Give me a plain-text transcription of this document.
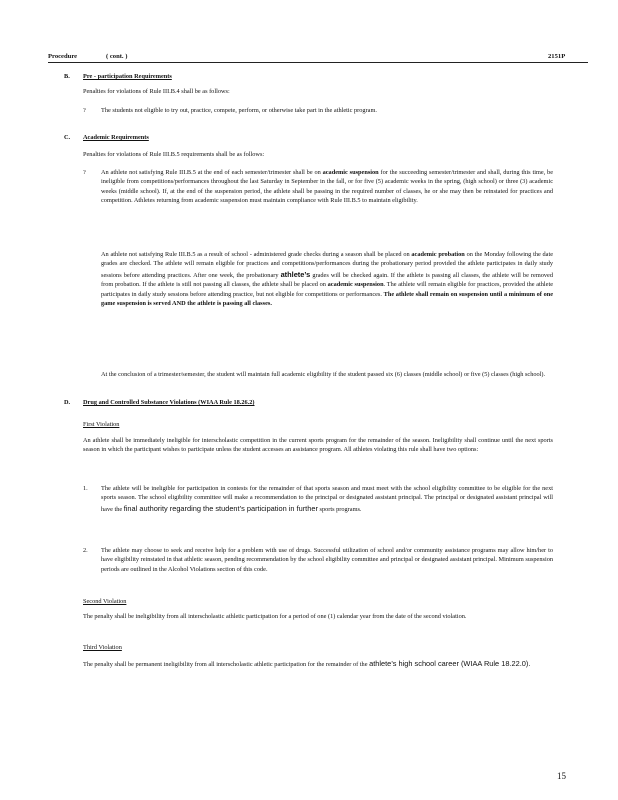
Procedure	( cont. )	2151P
B. Pre - participation Requirements
Penalties for violations of Rule III.B.4 shall be as follows:
? The students not eligible to try out, practice, compete, perform, or otherwise take part in the athletic program.
C. Academic Requirements
Penalties for violations of Rule III.B.5 requirements shall be as follows:
? An athlete not satisfying Rule III.B.5 at the end of each semester/trimester shall be on academic suspension for the succeeding semester/trimester and shall, during this time, be ineligible from competitions/performances throughout the last Saturday in September in the fall, or for five (5) academic weeks in the spring, (high school) or three (3) academic weeks (middle school). If, at the end of the suspension period, the athlete shall be passing in the required number of classes, he or she may then be reinstated for practices and competition. Athletes returning from academic suspension must maintain compliance with Rule III.B.5 to maintain eligibility.
An athlete not satisfying Rule III.B.5 as a result of school - administered grade checks during a season shall be placed on academic probation on the Monday following the date grades are checked. The athlete will remain eligible for practices and competitions/performances during the probationary period provided the athlete participates in daily study sessions before attending practices. After one week, the probationary athlete’s grades will be checked again. If the athlete is passing all classes, the athlete will be removed from probation. If the athlete is still not passing all classes, the athlete shall be placed on academic suspension. The athlete will remain eligible for practices, provided the athlete participates in daily study sessions before attending practice, but not eligible for competitions or performances. The athlete shall remain on suspension until a minimum of one game suspension is served AND the athlete is passing all classes.
At the conclusion of a trimester/semester, the student will maintain full academic eligibility if the student passed six (6) classes (middle school) or five (5) classes (high school).
D. Drug and Controlled Substance Violations (WIAA Rule 18.26.2)
First Violation
An athlete shall be immediately ineligible for interscholastic competition in the current sports program for the remainder of the season. Ineligibility shall continue until the next sports season in which the participant wishes to participate unless the student accesses an assistance program. All athletes violating this rule shall have two options:
1. The athlete will be ineligible for participation in contests for the remainder of that sports season and must meet with the school eligibility committee to be eligible for the next sports season. The school eligibility committee will make a recommendation to the principal or designated assistant principal. The principal or designated assistant principal will have the final authority regarding the student’s participation in further sports programs.
2. The athlete may choose to seek and receive help for a problem with use of drugs. Successful utilization of school and/or community assistance programs may allow him/her to have eligibility reinstated in that athletic season, pending recommendation by the school eligibility committee and principal or designated assistant principal. Minimum suspension periods are outlined in the Alcohol Violations section of this code.
Second Violation
The penalty shall be ineligibility from all interscholastic athletic participation for a period of one (1) calendar year from the date of the second violation.
Third Violation
The penalty shall be permanent ineligibility from all interscholastic athletic participation for the remainder of the athlete’s high school career (WIAA Rule 18.22.0).
15
